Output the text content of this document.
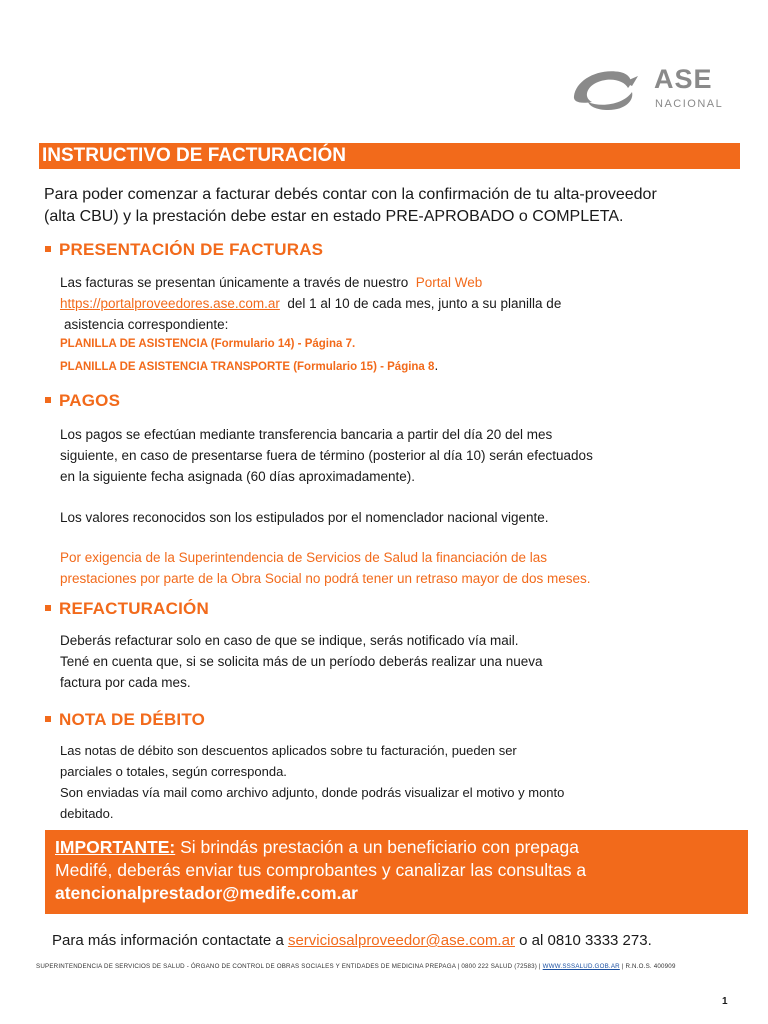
ASE
NACIONAL
INSTRUCTIVO DE FACTURACIÓN
Para poder comenzar a facturar debés contar con la confirmación de tu alta-proveedor
(alta CBU) y la prestación debe estar en estado PRE-APROBADO o COMPLETA.
PRESENTACIÓN DE FACTURAS
Las facturas se presentan únicamente a través de nuestro Portal Web
https://portalproveedores.ase.com.ar del 1 al 10 de cada mes, junto a su planilla de
asistencia correspondiente:
PLANILLA DE ASISTENCIA (Formulario 14) - Página 7.
PLANILLA DE ASISTENCIA TRANSPORTE (Formulario 15) - Página 8.
PAGOS
Los pagos se efectúan mediante transferencia bancaria a partir del día 20 del mes
siguiente, en caso de presentarse fuera de término (posterior al día 10) serán efectuados
en la siguiente fecha asignada (60 días aproximadamente).
Los valores reconocidos son los estipulados por el nomenclador nacional vigente.
Por exigencia de la Superintendencia de Servicios de Salud la financiación de las
prestaciones por parte de la Obra Social no podrá tener un retraso mayor de dos meses.
REFACTURACIÓN
Deberás refacturar solo en caso de que se indique, serás notificado vía mail.
Tené en cuenta que, si se solicita más de un período deberás realizar una nueva
factura por cada mes.
NOTA DE DÉBITO
Las notas de débito son descuentos aplicados sobre tu facturación, pueden ser
parciales o totales, según corresponda.
Son enviadas vía mail como archivo adjunto, donde podrás visualizar el motivo y monto
debitado.
IMPORTANTE: Si brindás prestación a un beneficiario con prepaga
Medifé, deberás enviar tus comprobantes y canalizar las consultas a
atencionalprestador@medife.com.ar
Para más información contactate a serviciosalproveedor@ase.com.ar o al 0810 3333 273.
SUPERINTENDENCIA DE SERVICIOS DE SALUD - ÓRGANO DE CONTROL DE OBRAS SOCIALES Y ENTIDADES DE MEDICINA PREPAGA | 0800 222 SALUD (72583) | WWW.SSSALUD.GOB.AR | R.N.O.S. 400909
1
